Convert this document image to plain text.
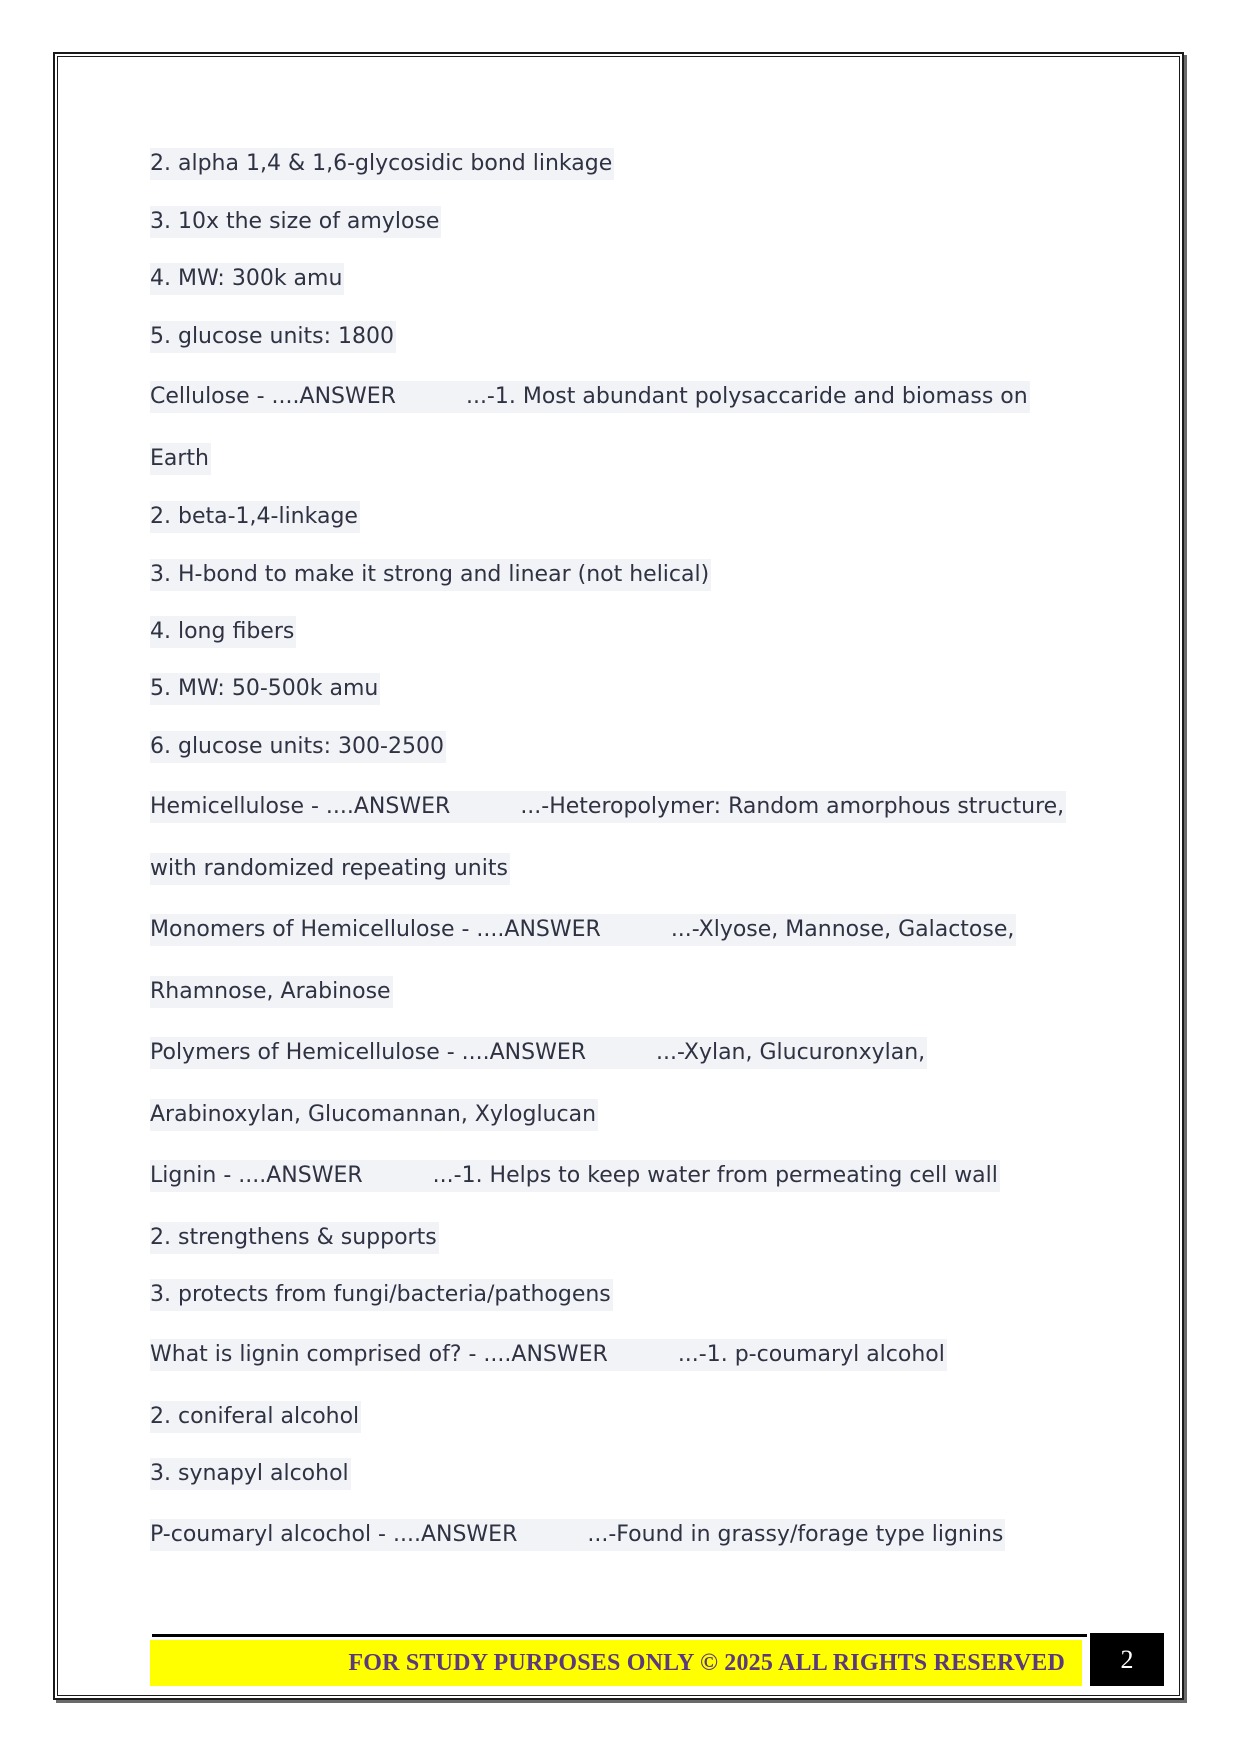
2. alpha 1,4 & 1,6-glycosidic bond linkage
3. 10x the size of amylose
4. MW: 300k amu
5. glucose units: 1800
Cellulose - ....ANSWER	...-1. Most abundant polysaccaride and biomass on
Earth
2. beta-1,4-linkage
3. H-bond to make it strong and linear (not helical)
4. long fibers
5. MW: 50-500k amu
6. glucose units: 300-2500
Hemicellulose - ....ANSWER	...-Heteropolymer: Random amorphous structure,
with randomized repeating units
Monomers of Hemicellulose - ....ANSWER	...-Xlyose, Mannose, Galactose,
Rhamnose, Arabinose
Polymers of Hemicellulose - ....ANSWER	...-Xylan, Glucuronxylan,
Arabinoxylan, Glucomannan, Xyloglucan
Lignin - ....ANSWER	...-1. Helps to keep water from permeating cell wall
2. strengthens & supports
3. protects from fungi/bacteria/pathogens
What is lignin comprised of? - ....ANSWER	...-1. p-coumaryl alcohol
2. coniferal alcohol
3. synapyl alcohol
P-coumaryl alcochol - ....ANSWER	...-Found in grassy/forage type lignins
FOR STUDY PURPOSES ONLY © 2025 ALL RIGHTS RESERVED	2
